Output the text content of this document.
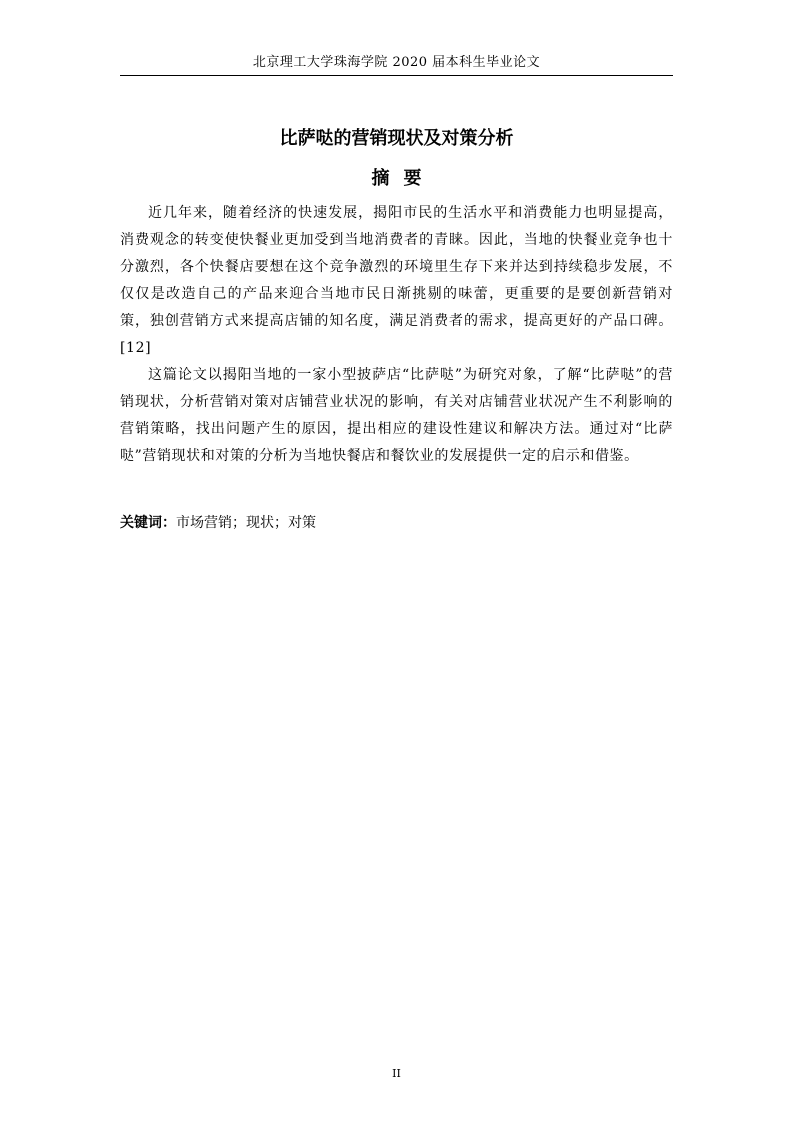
北京理工大学珠海学院 2020 届本科生毕业论文
比萨哒的营销现状及对策分析
摘要

近几年来，随着经济的快速发展，揭阳市民的生活水平和消费能力也明显提高，消费观念的转变使快餐业更加受到当地消费者的青睐。因此，当地的快餐业竞争也十分激烈，各个快餐店要想在这个竞争激烈的环境里生存下来并达到持续稳步发展，不仅仅是改造自己的产品来迎合当地市民日渐挑剔的味蕾，更重要的是要创新营销对策，独创营销方式来提高店铺的知名度，满足消费者的需求，提高更好的产品口碑。[12]

这篇论文以揭阳当地的一家小型披萨店“比萨哒”为研究对象，了解“比萨哒”的营销现状，分析营销对策对店铺营业状况的影响，有关对店铺营业状况产生不利影响的营销策略，找出问题产生的原因，提出相应的建设性建议和解决方法。通过对“比萨哒”营销现状和对策的分析为当地快餐店和餐饮业的发展提供一定的启示和借鉴。

关键词：市场营销；现状；对策
II
